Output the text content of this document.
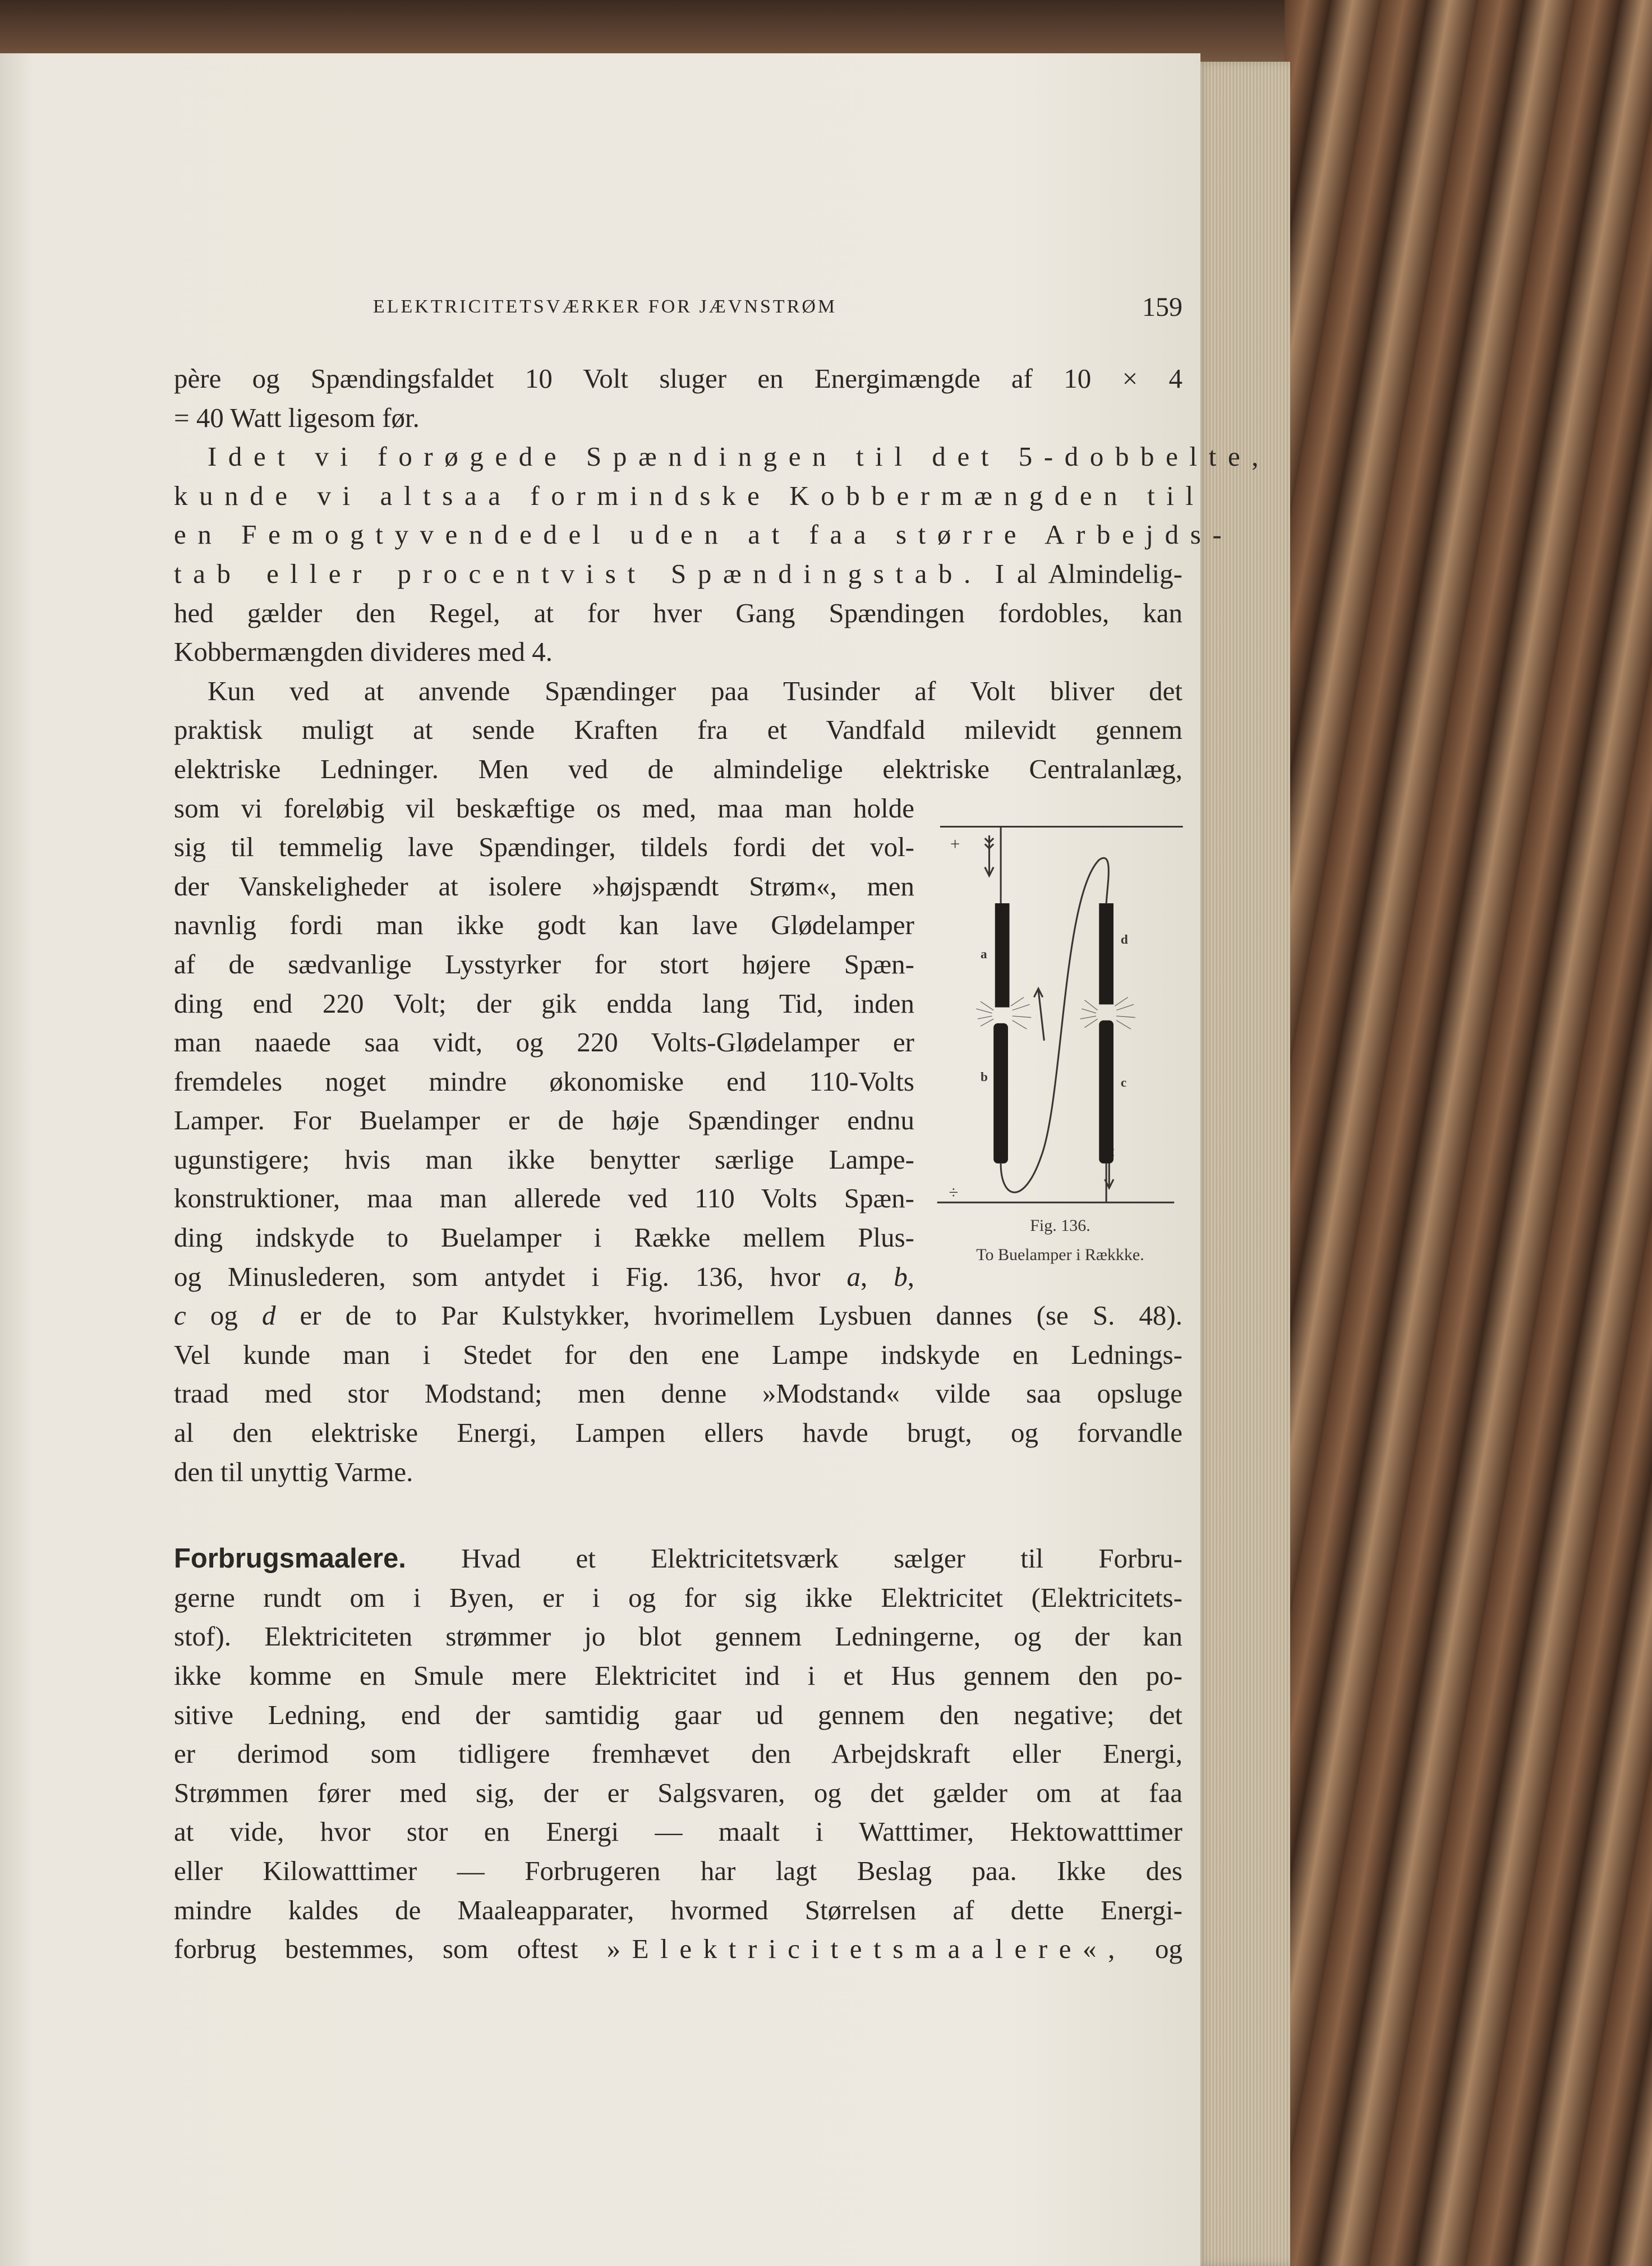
ELEKTRICITETSVÆRKER FOR JÆVNSTRØM	159
père og Spændingsfaldet 10 Volt sluger en Energimængde af 10 × 4
= 40 Watt ligesom før.
Idet vi forøgede Spændingen til det 5-dobbelte,
kunde vi altsaa formindske Kobbermængden til
en Femogtyvendedel uden at faa større Arbejds-
tab eller procentvist Spændingstab. I al Almindelig-
hed gælder den Regel, at for hver Gang Spændingen fordobles, kan
Kobbermængden divideres med 4.
Kun ved at anvende Spændinger paa Tusinder af Volt bliver det
praktisk muligt at sende Kraften fra et Vandfald milevidt gennem
elektriske Ledninger. Men ved de almindelige elektriske Centralanlæg,
som vi foreløbig vil beskæftige os med, maa man holde
sig til temmelig lave Spændinger, tildels fordi det vol-
der Vanskeligheder at isolere »højspændt Strøm«, men
navnlig fordi man ikke godt kan lave Glødelamper
af de sædvanlige Lysstyrker for stort højere Spæn-
ding end 220 Volt; der gik endda lang Tid, inden
man naaede saa vidt, og 220 Volts-Glødelamper er
fremdeles noget mindre økonomiske end 110-Volts
Lamper. For Buelamper er de høje Spændinger endnu
ugunstigere; hvis man ikke benytter særlige Lampe-
konstruktioner, maa man allerede ved 110 Volts Spæn-
ding indskyde to Buelamper i Række mellem Plus-
og Minuslederen, som antydet i Fig. 136, hvor a, b,
c og d er de to Par Kulstykker, hvorimellem Lysbuen dannes (se S. 48).
Vel kunde man i Stedet for den ene Lampe indskyde en Lednings-
traad med stor Modstand; men denne »Modstand« vilde saa opsluge
al den elektriske Energi, Lampen ellers havde brugt, og forvandle
den til unyttig Varme.
Forbrugsmaalere. Hvad et Elektricitetsværk sælger til Forbru-
gerne rundt om i Byen, er i og for sig ikke Elektricitet (Elektricitets-
stof). Elektriciteten strømmer jo blot gennem Ledningerne, og der kan
ikke komme en Smule mere Elektricitet ind i et Hus gennem den po-
sitive Ledning, end der samtidig gaar ud gennem den negative; det
er derimod som tidligere fremhævet den Arbejdskraft eller Energi,
Strømmen fører med sig, der er Salgsvaren, og det gælder om at faa
at vide, hvor stor en Energi — maalt i Watttimer, Hektowatttimer
eller Kilowatttimer — Forbrugeren har lagt Beslag paa. Ikke des
mindre kaldes de Maaleapparater, hvormed Størrelsen af dette Energi-
forbrug bestemmes, som oftest »Elektricitetsmaalere«, og
+
÷
a
b	c
d
Fig. 136.
To Buelamper i Rækkke.
